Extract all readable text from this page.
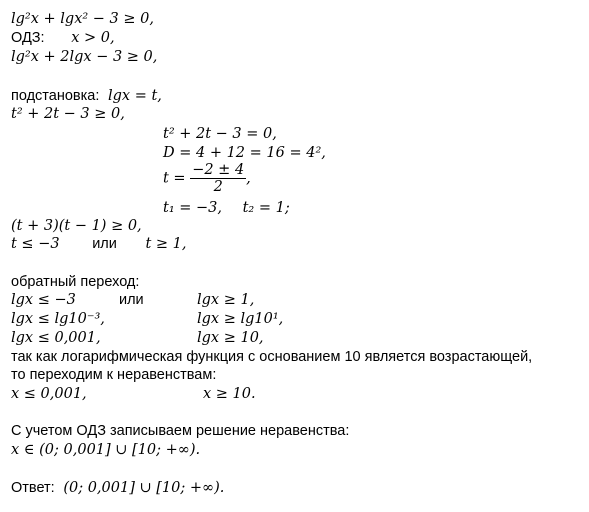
lg²x + lgx² − 3 ≥ 0,
ОДЗ: x > 0,
lg²x + 2lgx − 3 ≥ 0,
подстановка: lgx = t,
t² + 2t − 3 ≥ 0,
t² + 2t − 3 = 0,
D = 4 + 12 = 16 = 4²,
$t = \frac{-2 \pm 4}{2}$ ,
t₁ = −3, t₂ = 1;
(t + 3)(t − 1) ≥ 0,
t ≤ −3 или t ≥ 1,
обратный переход:
lgx ≤ −3	или	lgx ≥ 1,
lgx ≤ lg10⁻³,	lgx ≥ lg10¹,
lgx ≤ 0,001,	lgx ≥ 10,
так как логарифмическая функция с основанием 10 является возрастающей,
то переходим к неравенствам:
x ≤ 0,001,	x ≥ 10.
С учетом ОДЗ записываем решение неравенства:
x ∈ (0; 0,001] ∪ [10; +∞).
Ответ: (0; 0,001] ∪ [10; +∞).
